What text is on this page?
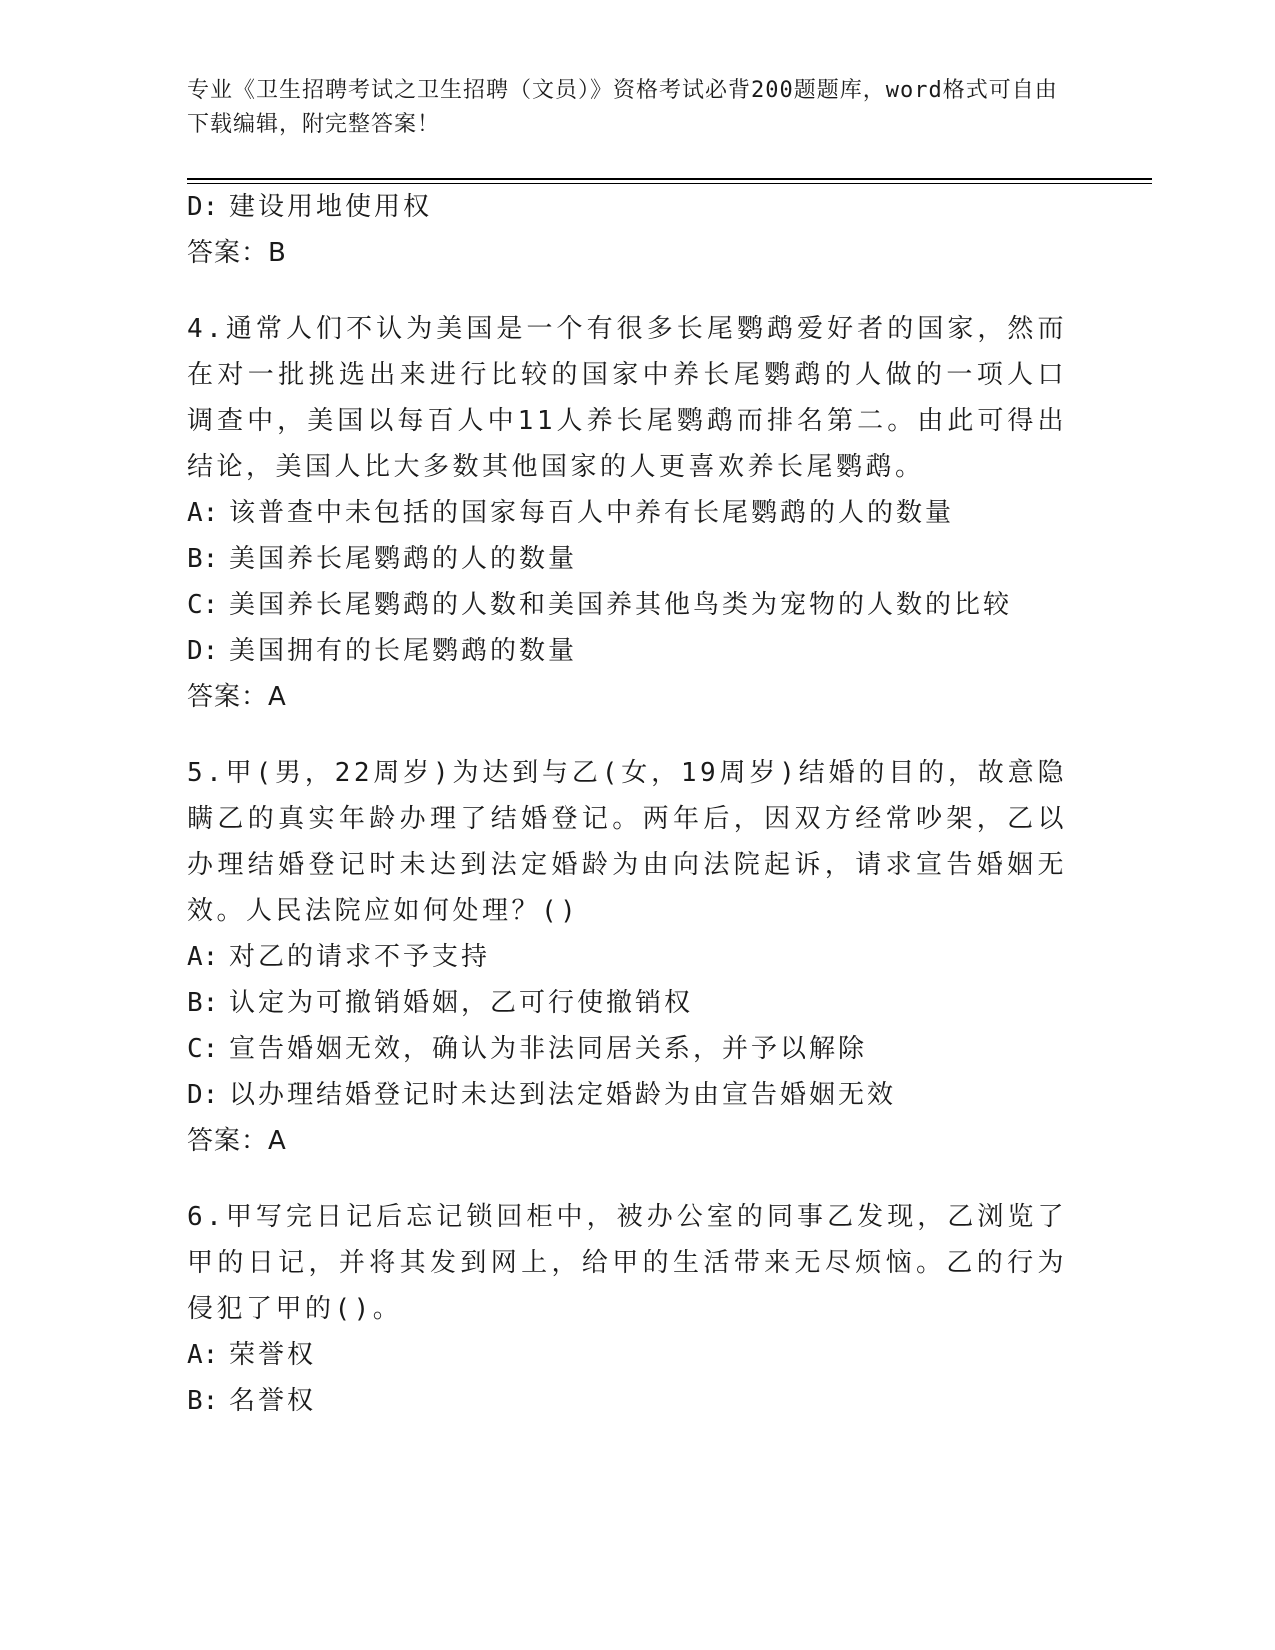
专业《卫生招聘考试之卫生招聘（文员）》资格考试必背200题题库，word格式可自由下载编辑，附完整答案！
D: 建设用地使用权
答案：B
4.通常人们不认为美国是一个有很多长尾鹦鹉爱好者的国家，然而在对一批挑选出来进行比较的国家中养长尾鹦鹉的人做的一项人口调查中，美国以每百人中11人养长尾鹦鹉而排名第二。由此可得出结论，美国人比大多数其他国家的人更喜欢养长尾鹦鹉。
A: 该普查中未包括的国家每百人中养有长尾鹦鹉的人的数量
B: 美国养长尾鹦鹉的人的数量
C: 美国养长尾鹦鹉的人数和美国养其他鸟类为宠物的人数的比较
D: 美国拥有的长尾鹦鹉的数量
答案：A
5.甲(男，22周岁)为达到与乙(女，19周岁)结婚的目的，故意隐瞒乙的真实年龄办理了结婚登记。两年后，因双方经常吵架，乙以办理结婚登记时未达到法定婚龄为由向法院起诉，请求宣告婚姻无效。人民法院应如何处理？()
A: 对乙的请求不予支持
B: 认定为可撤销婚姻，乙可行使撤销权
C: 宣告婚姻无效，确认为非法同居关系，并予以解除
D: 以办理结婚登记时未达到法定婚龄为由宣告婚姻无效
答案：A
6.甲写完日记后忘记锁回柜中，被办公室的同事乙发现，乙浏览了甲的日记，并将其发到网上，给甲的生活带来无尽烦恼。乙的行为侵犯了甲的()。
A: 荣誉权
B: 名誉权
